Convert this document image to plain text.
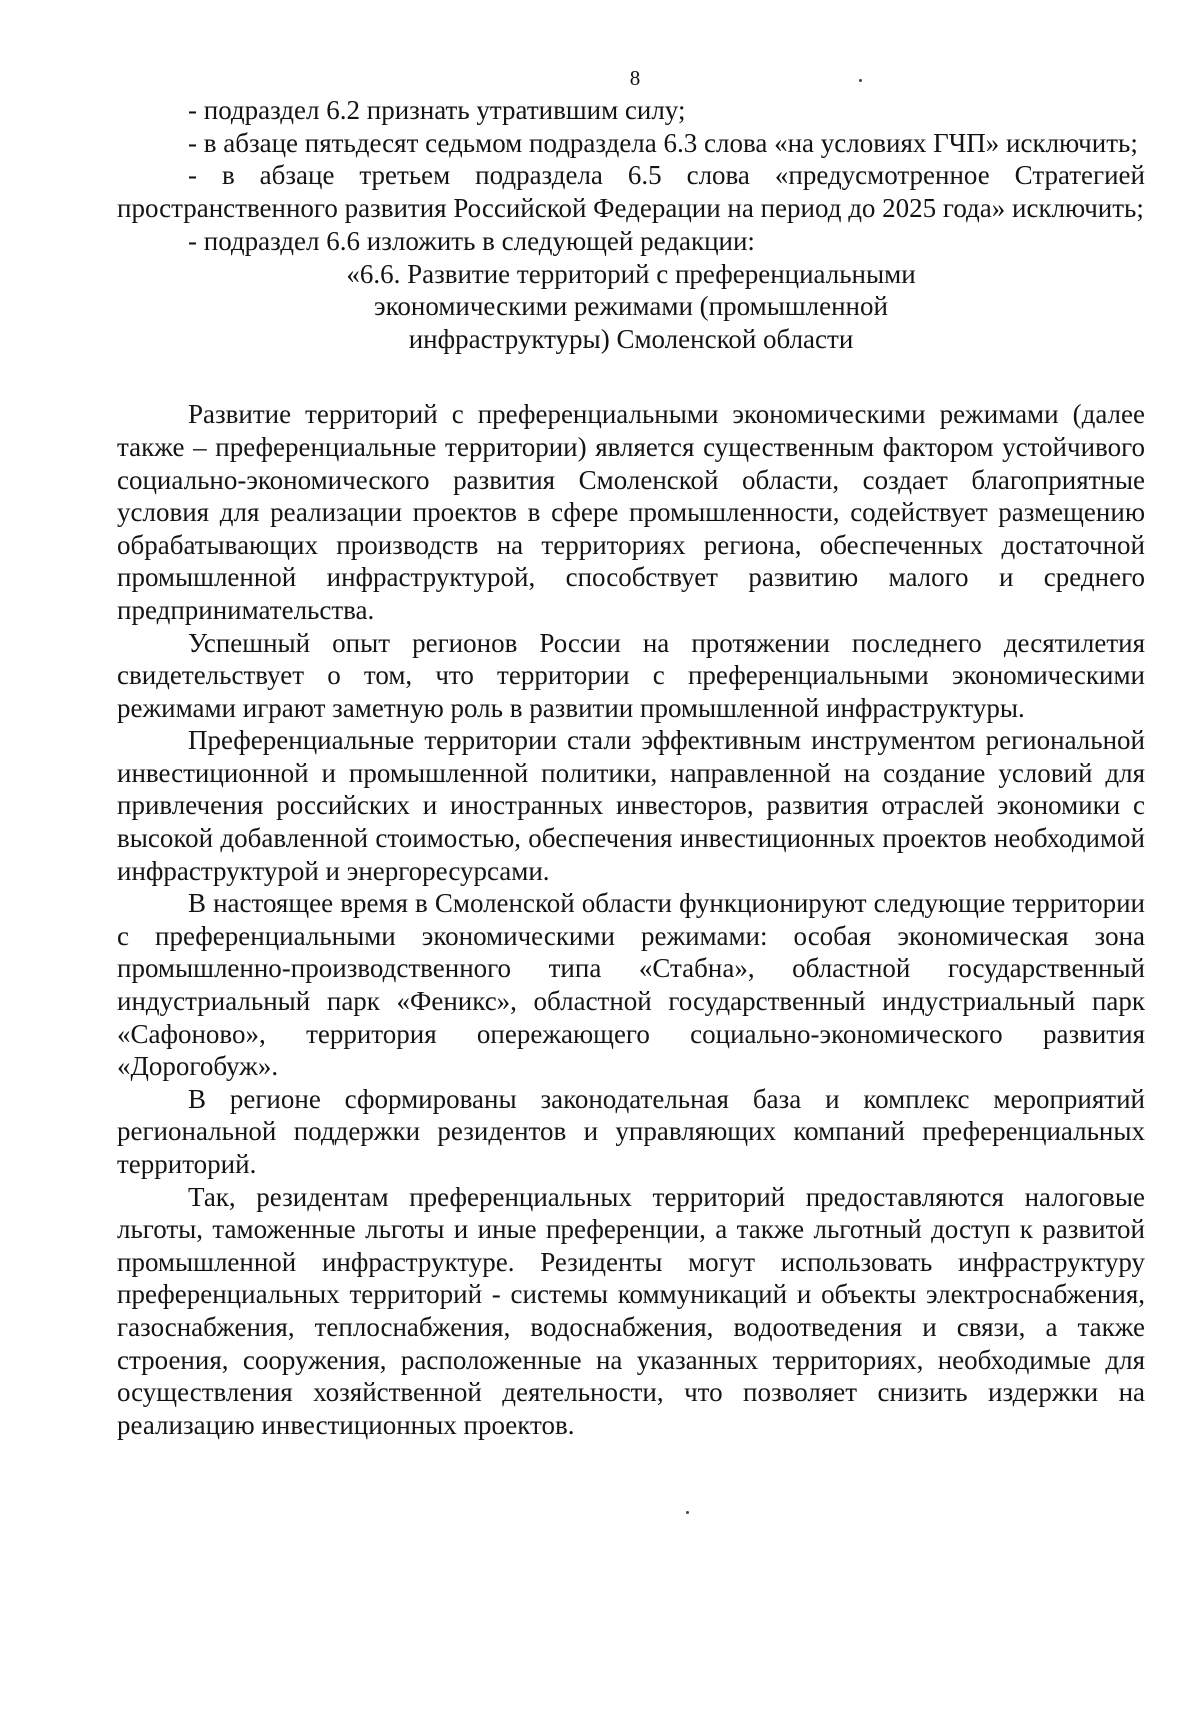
8

- подраздел 6.2 признать утратившим силу;

- в абзаце пятьдесят седьмом подраздела 6.3 слова «на условиях ГЧП» исключить;

- в абзаце третьем подраздела 6.5 слова «предусмотренное Стратегией пространственного развития Российской Федерации на период до 2025 года» исключить;

- подраздел 6.6 изложить в следующей редакции:

«6.6. Развитие территорий с преференциальными

экономическими режимами (промышленной

инфраструктуры) Смоленской области

Развитие территорий с преференциальными экономическими режимами (далее также – преференциальные территории) является существенным фактором устойчивого социально-экономического развития Смоленской области, создает благоприятные условия для реализации проектов в сфере промышленности, содействует размещению обрабатывающих производств на территориях региона, обеспеченных достаточной промышленной инфраструктурой, способствует развитию малого и среднего предпринимательства.

Успешный опыт регионов России на протяжении последнего десятилетия свидетельствует о том, что территории с преференциальными экономическими режимами играют заметную роль в развитии промышленной инфраструктуры.

Преференциальные территории стали эффективным инструментом региональной инвестиционной и промышленной политики, направленной на создание условий для привлечения российских и иностранных инвесторов, развития отраслей экономики с высокой добавленной стоимостью, обеспечения инвестиционных проектов необходимой инфраструктурой и энергоресурсами.

В настоящее время в Смоленской области функционируют следующие территории с преференциальными экономическими режимами: особая экономическая зона промышленно-производственного типа «Стабна», областной государственный индустриальный парк «Феникс», областной государственный индустриальный парк «Сафоново», территория опережающего социально-экономического развития «Дорогобуж».

В регионе сформированы законодательная база и комплекс мероприятий региональной поддержки резидентов и управляющих компаний преференциальных территорий.

Так, резидентам преференциальных территорий предоставляются налоговые льготы, таможенные льготы и иные преференции, а также льготный доступ к развитой промышленной инфраструктуре. Резиденты могут использовать инфраструктуру преференциальных территорий - системы коммуникаций и объекты электроснабжения, газоснабжения, теплоснабжения, водоснабжения, водоотведения и связи, а также строения, сооружения, расположенные на указанных территориях, необходимые для осуществления хозяйственной деятельности, что позволяет снизить издержки на реализацию инвестиционных проектов.
